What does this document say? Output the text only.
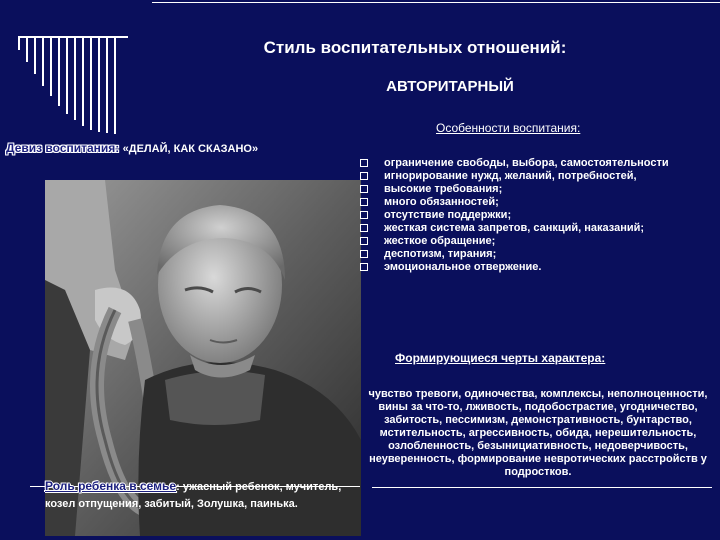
Стиль воспитательных отношений:
АВТОРИТАРНЫЙ
Особенности воспитания:
Девиз воспитания: «ДЕЛАЙ, КАК СКАЗАНО»
ограничение свободы, выбора, самостоятельности
игнорирование нужд, желаний, потребностей,
высокие требования;
много обязанностей;
отсутствие поддержки;
жесткая система запретов, санкций, наказаний;
жесткое обращение;
деспотизм, тирания;
эмоциональное отвержение.
Формирующиеся черты характера:
чувство тревоги, одиночества, комплексы, неполноценности, вины за что-то, лживость, подобострастие, угодничество, забитость, пессимизм, демонстративность, бунтарство, мстительность, агрессивность, обида, нерешительность, озлобленность, безынициативность, недоверчивость, неуверенность, формирование невротических расстройств у подростков.
Роль ребенка в семье: ужасный ребенок, мучитель, козел отпущения, забитый, Золушка, паинька.
